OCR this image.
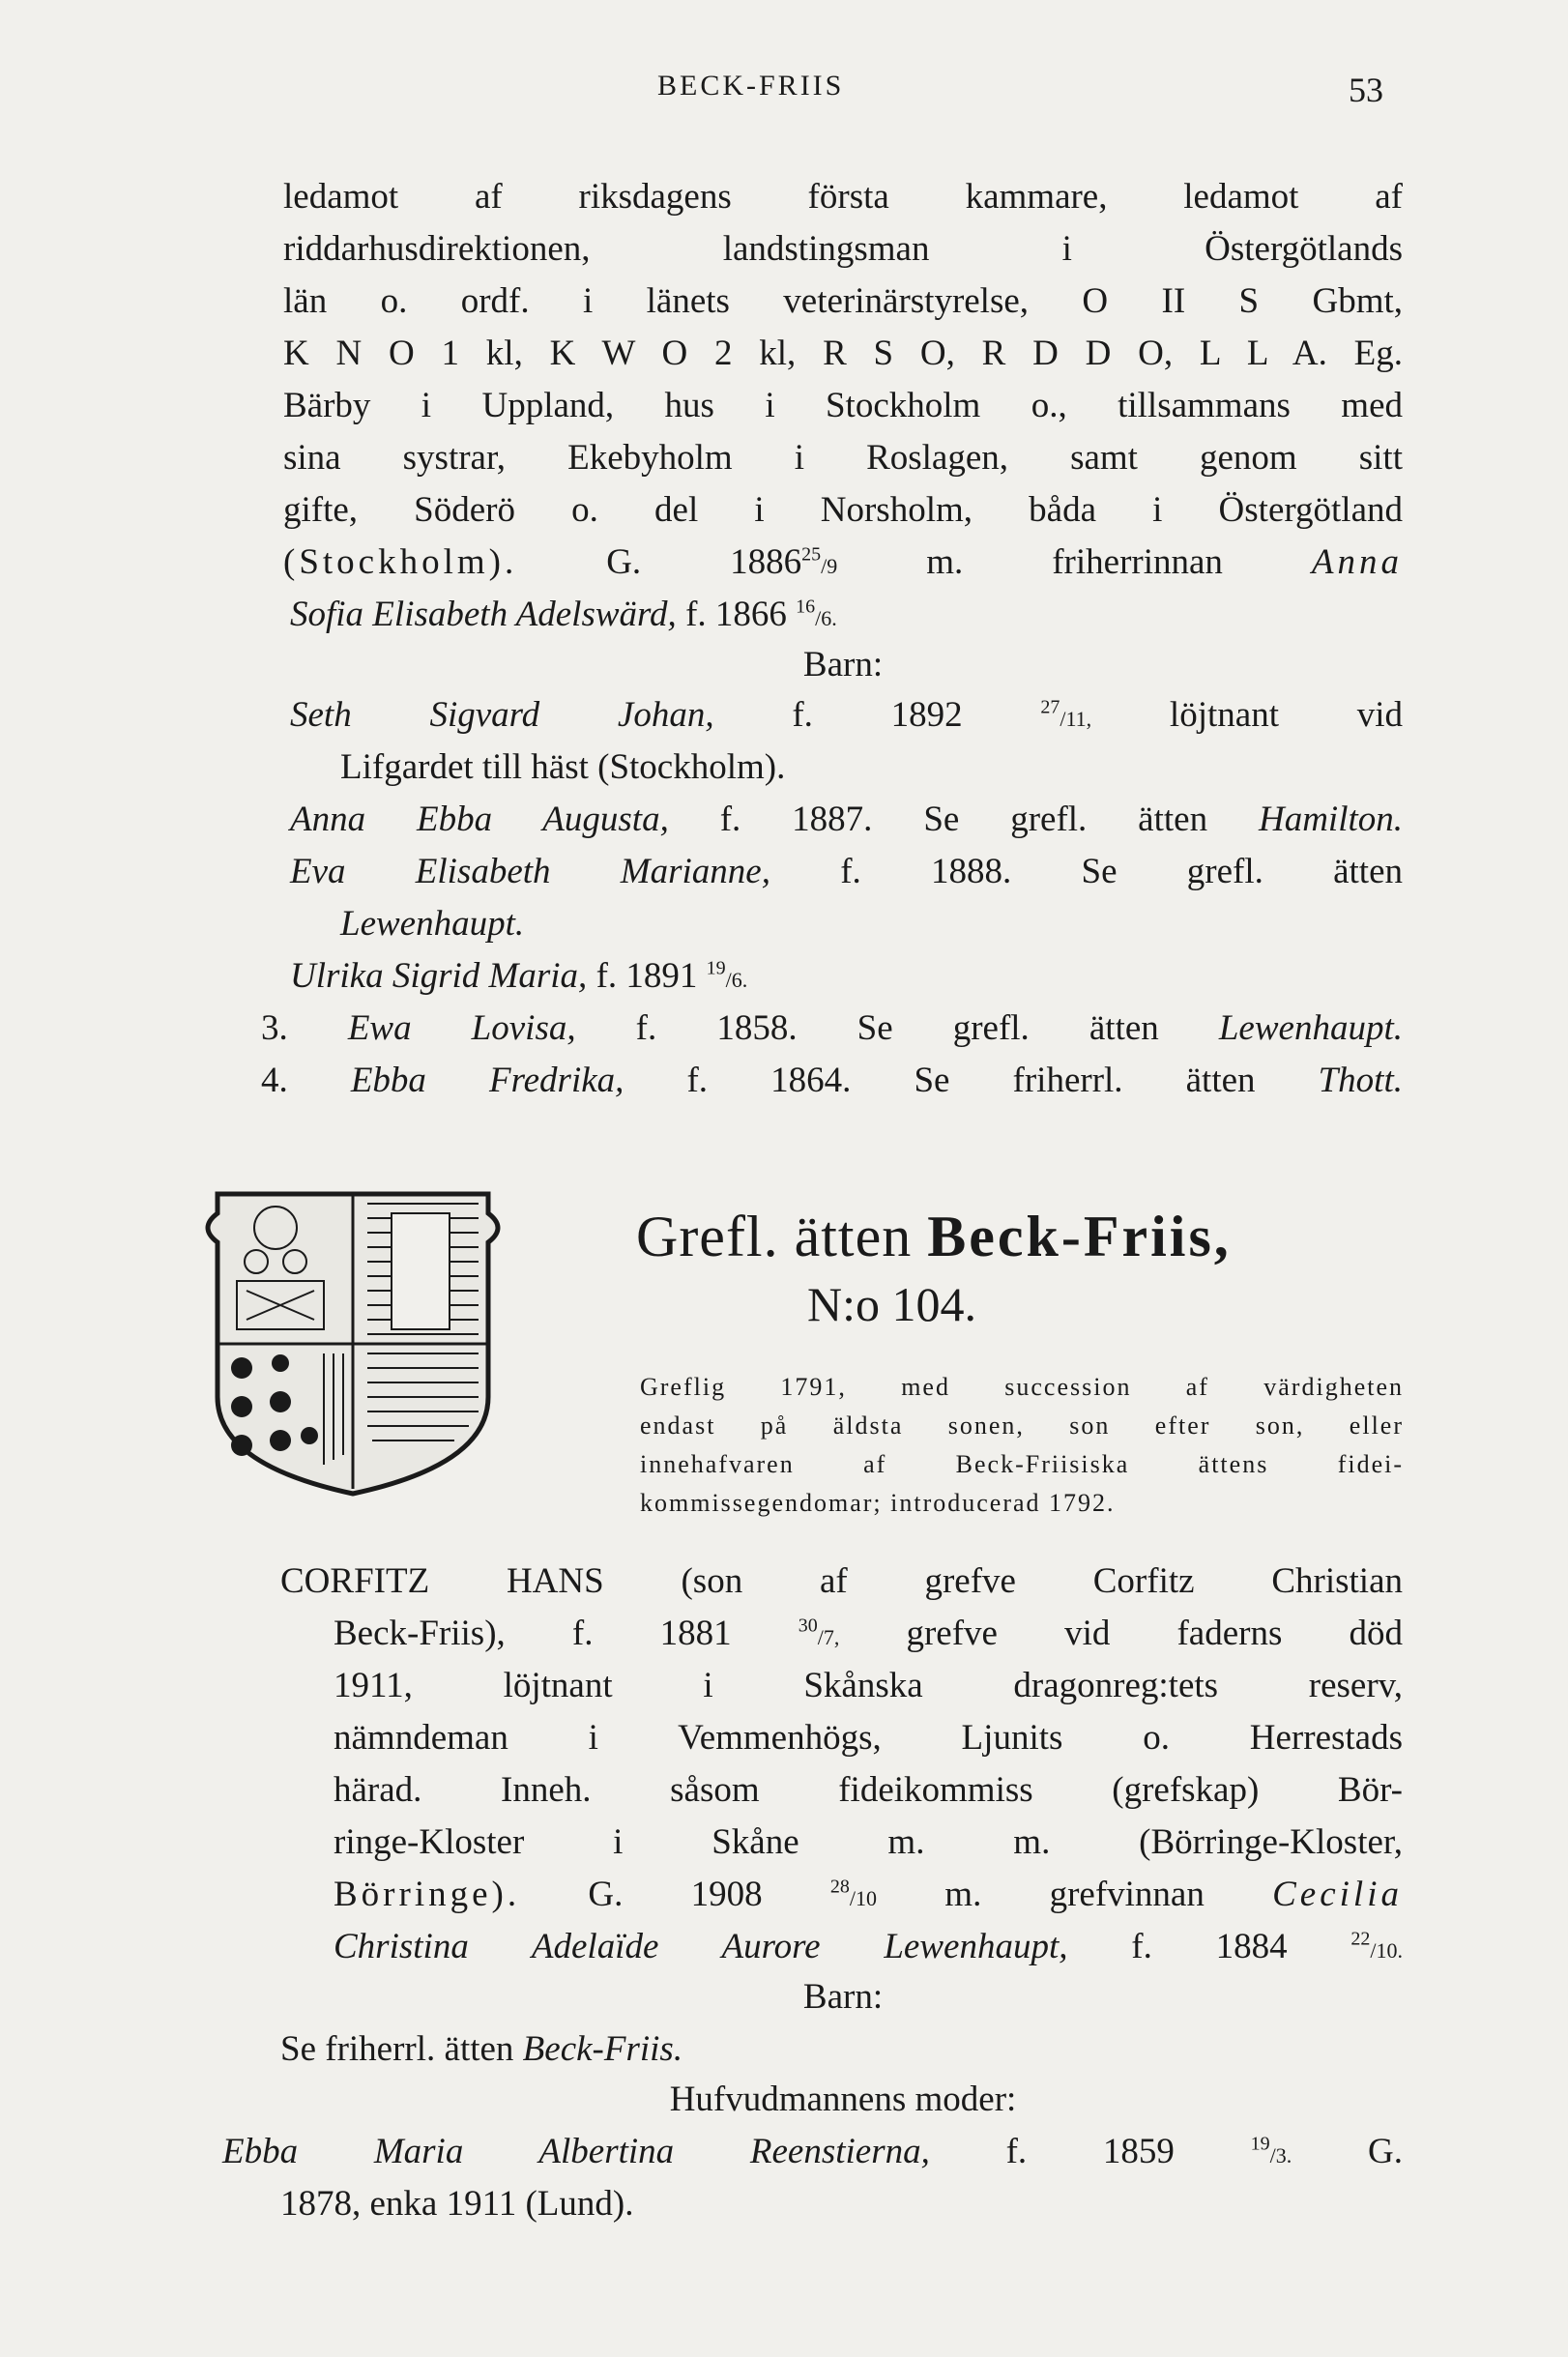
BECK-FRIIS	53
ledamot af riksdagens första kammare, ledamot af
riddarhusdirektionen, landstingsman i Östergötlands
län o. ordf. i länets veterinärstyrelse, O II S Gbmt,
K N O 1 kl, K W O 2 kl, R S O, R D D O, L L A. Eg.
Bärby i Uppland, hus i Stockholm o., tillsammans med
sina systrar, Ekebyholm i Roslagen, samt genom sitt
gifte, Söderö o. del i Norsholm, båda i Östergötland
(Stockholm). G. 1886$^{25}$/9 m. friherrinnan Anna
Sofia Elisabeth Adelswärd, f. 1866 $^{16}$/6.
Barn:
Seth Sigvard Johan, f. 1892 $^{27}$/11, löjtnant vid
Lifgardet till häst (Stockholm).
Anna Ebba Augusta, f. 1887. Se grefl. ätten Hamilton.
Eva Elisabeth Marianne, f. 1888. Se grefl. ätten
Lewenhaupt.
Ulrika Sigrid Maria, f. 1891 $^{19}$/6.
3. Ewa Lovisa, f. 1858. Se grefl. ätten Lewenhaupt.
4. Ebba Fredrika, f. 1864. Se friherrl. ätten Thott.
Grefl. ätten Beck-Friis,
N:o 104.
Grefli​g 1791, med succession af värdigheten
endast på äldsta sonen, son efter son, eller
innehafvaren af Beck-Friisiska ättens fidei-
kommissegendomar; introducerad 1792.
CORFITZ HANS (son af grefve Corfitz Christian
Beck-Friis), f. 1881 $^{30}$/7, grefve vid faderns död
1911, löjtnant i Skånska dragonreg:tets reserv,
nämndeman i Vemmenhögs, Ljunits o. Herrestads
härad. Inneh. såsom fideikommiss (grefskap) Bör-
ringe-Kloster i Skåne m. m. (Börringe-Kloster,
Börringe). G. 1908 $^{28}$/10 m. grefvinnan Cecilia
Christina Adelaïde Aurore Lewenhaupt, f. 1884 $^{22}$/10.
Barn:
Se friherrl. ätten Beck-Friis.
Hufvudmannens moder:
Ebba Maria Albertina Reenstierna, f. 1859 $^{19}$/3. G.
1878, enka 1911 (Lund).
